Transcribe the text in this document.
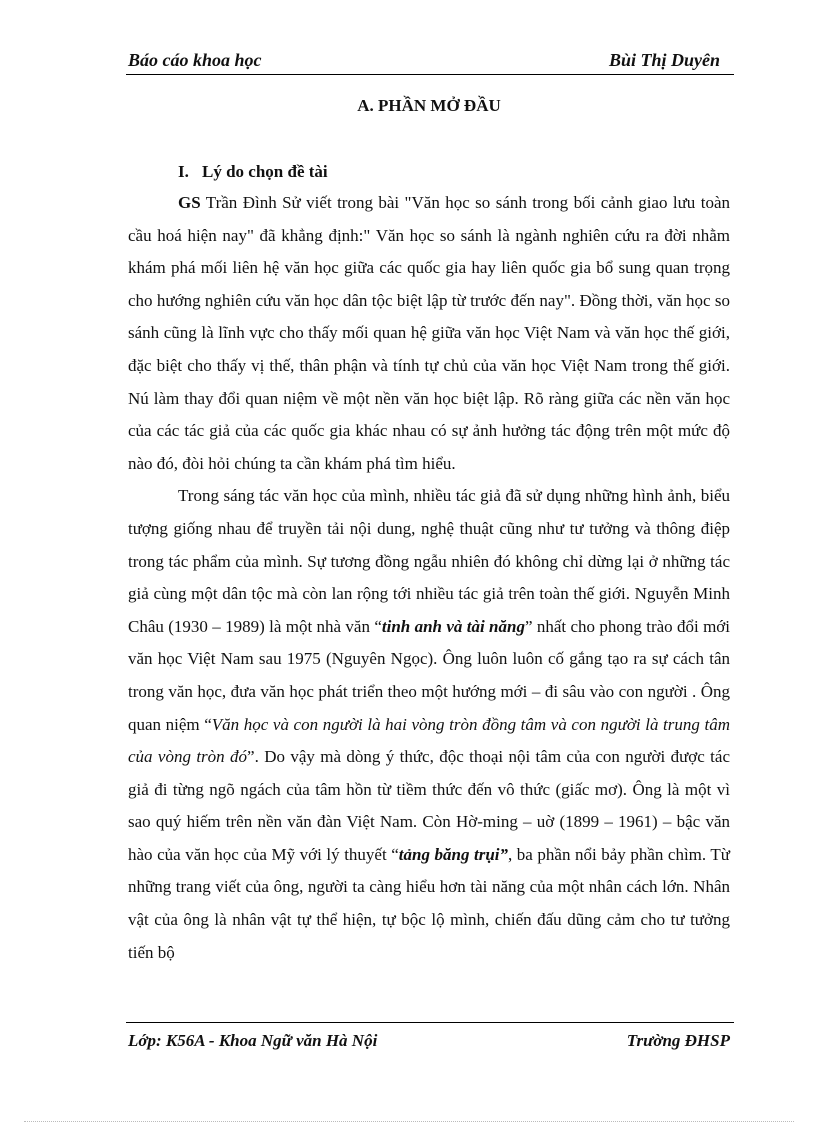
Báo cáo khoa học	Bùi Thị Duyên
A. PHẦN MỞ ĐẦU
I. Lý do chọn đề tài

GS Trần Đình Sử viết trong bài "Văn học so sánh trong bối cảnh giao lưu toàn cầu hoá hiện nay" đã khẳng định:" Văn học so sánh là ngành nghiên cứu ra đời nhằm khám phá mối liên hệ văn học giữa các quốc gia hay liên quốc gia bổ sung quan trọng cho hướng nghiên cứu văn học dân tộc biệt lập từ trước đến nay". Đồng thời, văn học so sánh cũng là lĩnh vực cho thấy mối quan hệ giữa văn học Việt Nam và văn học thế giới, đặc biệt cho thấy vị thế, thân phận và tính tự chủ của văn học Việt Nam trong thế giới. Nú làm thay đổi quan niệm về một nền văn học biệt lập. Rõ ràng giữa các nền văn học của các tác giả của các quốc gia khác nhau có sự ảnh hưởng tác động trên một mức độ nào đó, đòi hỏi chúng ta cần khám phá tìm hiểu.

Trong sáng tác văn học của mình, nhiều tác giả đã sử dụng những hình ảnh, biểu tượng giống nhau để truyền tải nội dung, nghệ thuật cũng như tư tưởng và thông điệp trong tác phẩm của mình. Sự tương đồng ngẫu nhiên đó không chỉ dừng lại ở những tác giả cùng một dân tộc mà còn lan rộng tới nhiều tác giả trên toàn thế giới. Nguyễn Minh Châu (1930 – 1989) là một nhà văn “tinh anh và tài năng” nhất cho phong trào đổi mới văn học Việt Nam sau 1975 (Nguyên Ngọc). Ông luôn luôn cố gắng tạo ra sự cách tân trong văn học, đưa văn học phát triển theo một hướng mới – đi sâu vào con người . Ông quan niệm “Văn học và con người là hai vòng tròn đồng tâm và con người là trung tâm của vòng tròn đó”. Do vậy mà dòng ý thức, độc thoại nội tâm của con người được tác giả đi từng ngõ ngách của tâm hồn từ tiềm thức đến vô thức (giấc mơ). Ông là một vì sao quý hiếm trên nền văn đàn Việt Nam. Còn Hờ-ming – uờ (1899 – 1961) – bậc văn hào của văn học của Mỹ với lý thuyết “tảng băng trụi”, ba phần nổi bảy phần chìm. Từ những trang viết của ông, người ta càng hiểu hơn tài năng của một nhân cách lớn. Nhân vật của ông là nhân vật tự thể hiện, tự bộc lộ mình, chiến đấu dũng cảm cho tư tưởng tiến bộ

Lớp: K56A - Khoa Ngữ văn Hà Nội	Trường ĐHSP
